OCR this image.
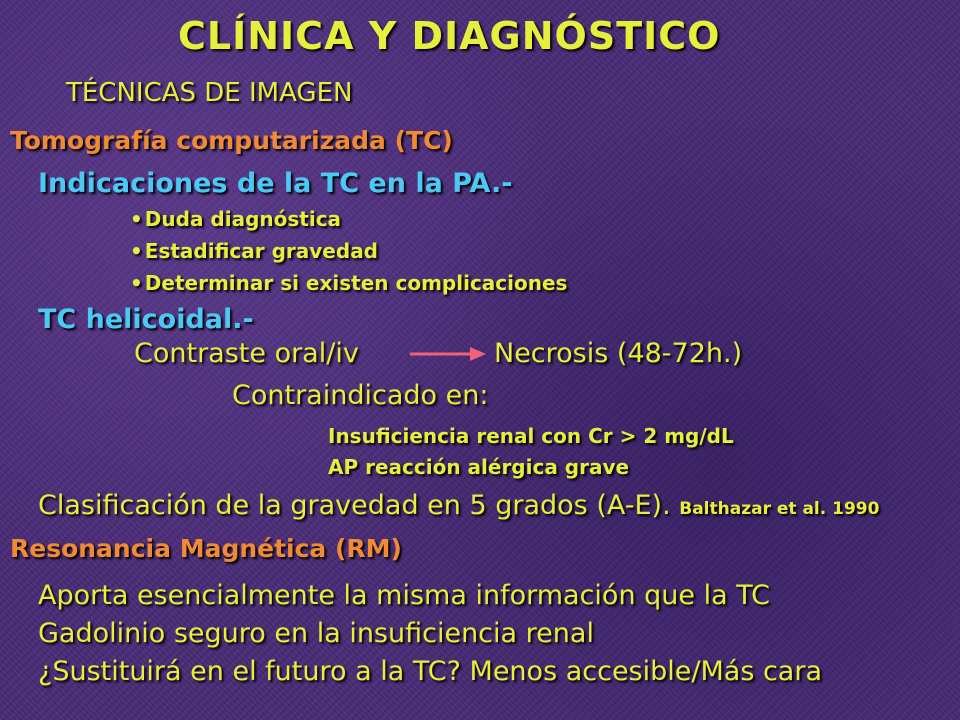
CLÍNICA Y DIAGNÓSTICO
TÉCNICAS DE IMAGEN
Tomografía computarizada (TC)
Indicaciones de la TC en la PA.-
• Duda diagnóstica
• Estadificar gravedad
• Determinar si existen complicaciones
TC helicoidal.-
Contraste oral/iv	Necrosis (48-72h.)
Contraindicado en:
Insuficiencia renal con Cr > 2 mg/dL
AP reacción alérgica grave
Clasificación de la gravedad en 5 grados (A-E). Balthazar et al. 1990
Resonancia Magnética (RM)
Aporta esencialmente la misma información que la TC
Gadolinio seguro en la insuficiencia renal
¿Sustituirá en el futuro a la TC? Menos accesible/Más cara
